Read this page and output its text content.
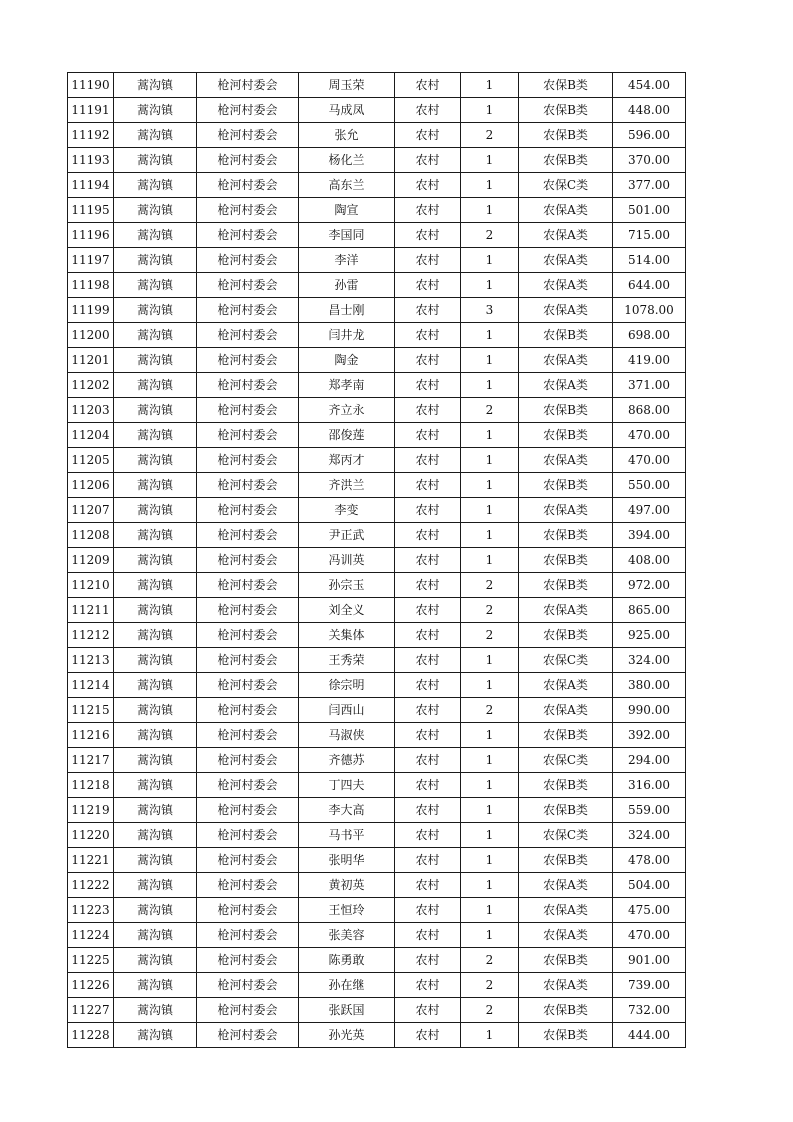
11190	蒿沟镇	枪河村委会	周玉荣	农村	1	农保B类	454.00
11191	蒿沟镇	枪河村委会	马成凤	农村	1	农保B类	448.00
11192	蒿沟镇	枪河村委会	张允	农村	2	农保B类	596.00
11193	蒿沟镇	枪河村委会	杨化兰	农村	1	农保B类	370.00
11194	蒿沟镇	枪河村委会	高东兰	农村	1	农保C类	377.00
11195	蒿沟镇	枪河村委会	陶宣	农村	1	农保A类	501.00
11196	蒿沟镇	枪河村委会	李国同	农村	2	农保A类	715.00
11197	蒿沟镇	枪河村委会	李洋	农村	1	农保A类	514.00
11198	蒿沟镇	枪河村委会	孙雷	农村	1	农保A类	644.00
11199	蒿沟镇	枪河村委会	昌士刚	农村	3	农保A类	1078.00
11200	蒿沟镇	枪河村委会	闫井龙	农村	1	农保B类	698.00
11201	蒿沟镇	枪河村委会	陶金	农村	1	农保A类	419.00
11202	蒿沟镇	枪河村委会	郑孝南	农村	1	农保A类	371.00
11203	蒿沟镇	枪河村委会	齐立永	农村	2	农保B类	868.00
11204	蒿沟镇	枪河村委会	邵俊莲	农村	1	农保B类	470.00
11205	蒿沟镇	枪河村委会	郑丙才	农村	1	农保A类	470.00
11206	蒿沟镇	枪河村委会	齐洪兰	农村	1	农保B类	550.00
11207	蒿沟镇	枪河村委会	李变	农村	1	农保A类	497.00
11208	蒿沟镇	枪河村委会	尹正武	农村	1	农保B类	394.00
11209	蒿沟镇	枪河村委会	冯训英	农村	1	农保B类	408.00
11210	蒿沟镇	枪河村委会	孙宗玉	农村	2	农保B类	972.00
11211	蒿沟镇	枪河村委会	刘全义	农村	2	农保A类	865.00
11212	蒿沟镇	枪河村委会	关集体	农村	2	农保B类	925.00
11213	蒿沟镇	枪河村委会	王秀荣	农村	1	农保C类	324.00
11214	蒿沟镇	枪河村委会	徐宗明	农村	1	农保A类	380.00
11215	蒿沟镇	枪河村委会	闫西山	农村	2	农保A类	990.00
11216	蒿沟镇	枪河村委会	马淑侠	农村	1	农保B类	392.00
11217	蒿沟镇	枪河村委会	齐德苏	农村	1	农保C类	294.00
11218	蒿沟镇	枪河村委会	丁四夫	农村	1	农保B类	316.00
11219	蒿沟镇	枪河村委会	李大高	农村	1	农保B类	559.00
11220	蒿沟镇	枪河村委会	马书平	农村	1	农保C类	324.00
11221	蒿沟镇	枪河村委会	张明华	农村	1	农保B类	478.00
11222	蒿沟镇	枪河村委会	黄初英	农村	1	农保A类	504.00
11223	蒿沟镇	枪河村委会	王恒玲	农村	1	农保A类	475.00
11224	蒿沟镇	枪河村委会	张美容	农村	1	农保A类	470.00
11225	蒿沟镇	枪河村委会	陈勇敢	农村	2	农保B类	901.00
11226	蒿沟镇	枪河村委会	孙在继	农村	2	农保A类	739.00
11227	蒿沟镇	枪河村委会	张跃国	农村	2	农保B类	732.00
11228	蒿沟镇	枪河村委会	孙光英	农村	1	农保B类	444.00
